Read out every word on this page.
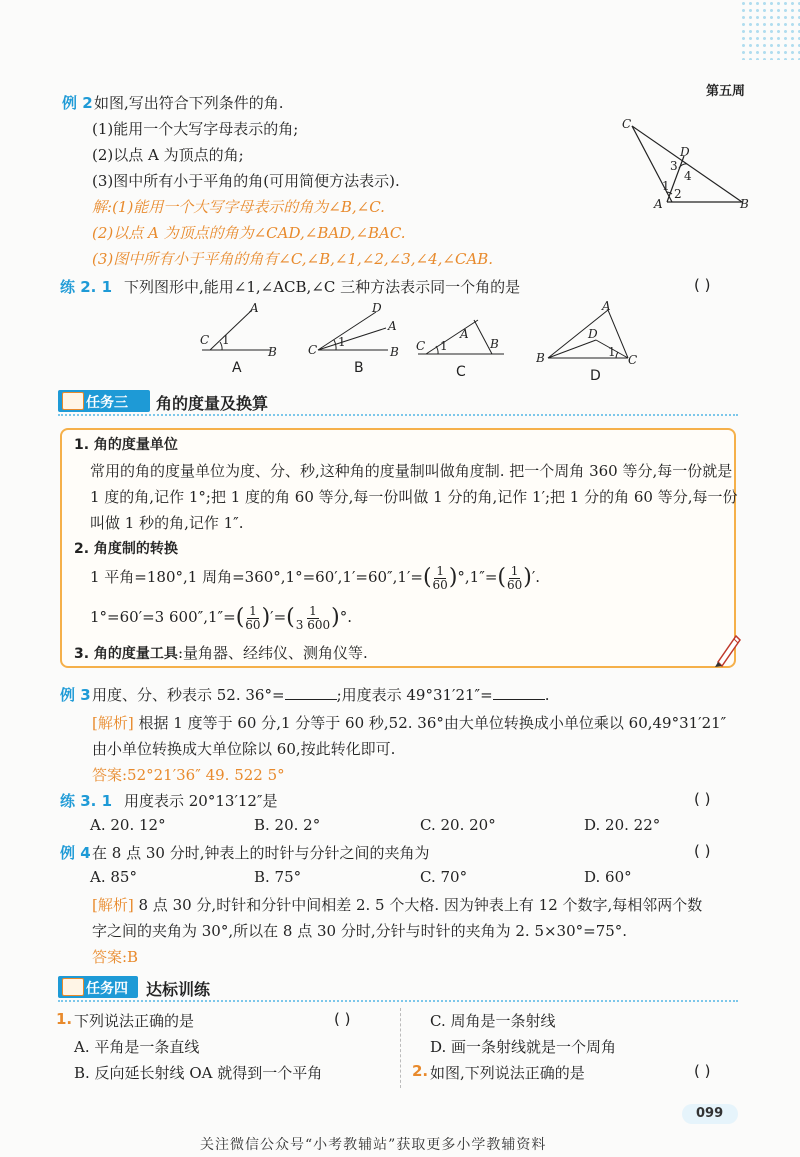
第五周
例 2 如图,写出符合下列条件的角.
(1)能用一个大写字母表示的角;
(2)以点 A 为顶点的角;
(3)图中所有小于平角的角(可用简便方法表示).
解:(1)能用一个大写字母表示的角为∠B,∠C.
(2)以点 A 为顶点的角为∠CAD,∠BAD,∠BAC.
(3)图中所有小于平角的角有∠C,∠B,∠1,∠2,∠3,∠4,∠CAB.
C
D
A	B
1
2
3
4
练 2. 1 下列图形中,能用∠1,∠ACB,∠C 三种方法表示同一个角的是	( )
C
A
B
1
A
C
D
A
B
1
B
C
A
B
1
C
A
D
B	C
1
D
任务三	角的度量及换算
1. 角的度量单位
常用的角的度量单位为度、分、秒,这种角的度量制叫做角度制. 把一个周角 360 等分,每一份就是
1 度的角,记作 1°;把 1 度的角 60 等分,每一份叫做 1 分的角,记作 1′;把 1 分的角 60 等分,每一份
叫做 1 秒的角,记作 1″.
2. 角度制的转换
1 平角=180°,1 周角$=360^\circ,1^\circ=60',1'=60'',1'=( \frac{1}{60} )^\circ,1''=( \frac{1}{60}$ )′.
1°=60′=3 $600'',1''=( \frac{1}{60}$ )′=( $\frac{1}{3 600}$ )°.
3. 角的度量工具:量角器、经纬仪、测角仪等.
例 3 用度、分、秒表示 52. 36°=	;用度表示 49°31′21″=	.
[解析] 根据 1 度等于 60 分,1 分等于 60 秒,52. 36°由大单位转换成小单位乘以 60,49°31′21″
由小单位转换成大单位除以 60,按此转化即可.
答案:52°21′36″ 49. 522 5°
练 3. 1 用度表示 20°13′12″是	( )
A. 20. 12°	B. 20. 2°	C. 20. 20°	D. 20. 22°
例 4 在 8 点 30 分时,钟表上的时针与分针之间的夹角为	( )
A. 85°	B. 75°	C. 70°	D. 60°
[解析] 8 点 30 分,时针和分针中间相差 2. 5 个大格. 因为钟表上有 12 个数字,每相邻两个数
字之间的夹角为 30°,所以在 8 点 30 分时,分针与时针的夹角为 2. 5×30°=75°.
答案:B
任务四	达标训练
1. 下列说法正确的是	( )
A. 平角是一条直线
B. 反向延长射线 OA 就得到一个平角
C. 周角是一条射线
D. 画一条射线就是一个周角
2. 如图,下列说法正确的是	( )
099
关注微信公众号“小考教辅站”获取更多小学教辅资料
